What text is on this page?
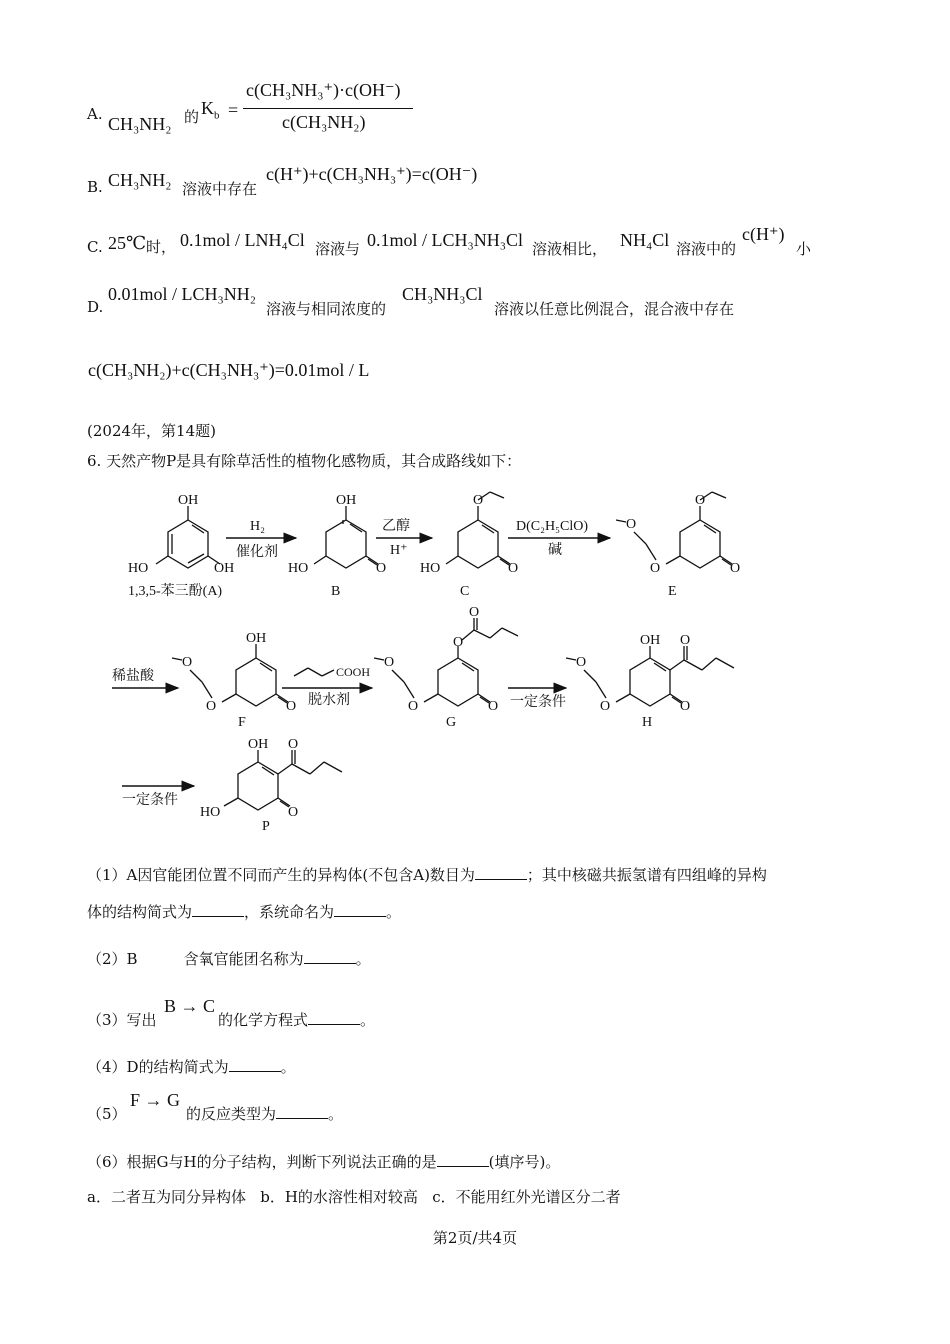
A. CH₃NH₂ 的 $K_b$ =
c(CH₃NH₃⁺)·c(OH⁻)
c(CH₃NH₂)
B. CH₃NH₂ 溶液中存在
c(H⁺)+c(CH₃NH₃⁺)=c(OH⁻)
C. 25℃ 时， 0.1mol / LNH₄Cl 溶液与 0.1mol / LCH₃NH₃Cl 溶液相比， NH₄Cl 溶液中的
c(H⁺)
小
D.
0.01mol / LCH₃NH₂
溶液与相同浓度的
CH₃NH₃Cl
溶液以任意比例混合，混合液中存在
c(CH₃NH₂)+c(CH₃NH₃⁺)=0.01mol / L
(2024年，第14题)
6. 天然产物P是具有除草活性的植物化感物质，其合成路线如下：
OH
HO	OH
OH
HO	O
O
HO	O
O
O
O
O
OH
O
O
O
O
O
O
O
O
OH O
O
O
O
OH O
HO	O
H₂
催化剂
乙醇
H⁺
D(C₂H₅ClO)
碱
稀盐酸	COOH
脱水剂	一定条件
一定条件
1,3,5-苯三酚(A)	B	C	E
F	G	H
P
（1）A因官能团位置不同而产生的异构体(不包含A)数目为	；其中核磁共振氢谱有四组峰的异构
体的结构简式为	，系统命名为	。
（2）B	含氧官能团名称为	。
（3）写出
B → C
的化学方程式	。
（4）D的结构简式为	。
（5）
F → G
的反应类型为	。
（6）根据G与H的分子结构，判断下列说法正确的是	(填序号)。
a．二者互为同分异构体   b．H的水溶性相对较高   c．不能用红外光谱区分二者
第2页/共4页
